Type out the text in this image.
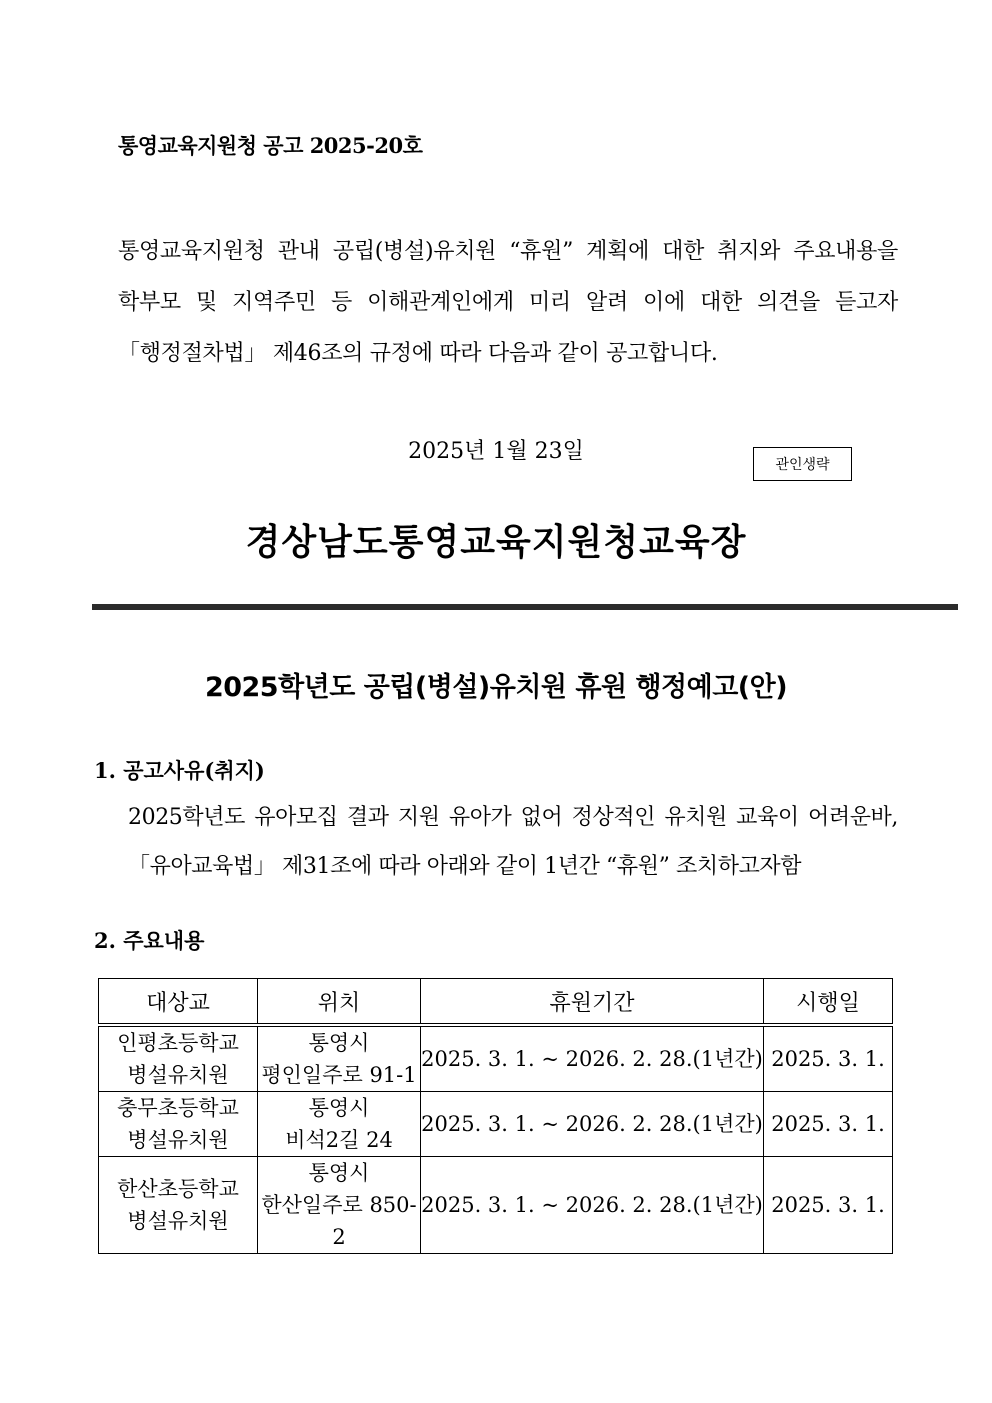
통영교육지원청 공고 2025-20호
통영교육지원청 관내 공립(병설)유치원 “휴원” 계획에 대한 취지와 주요내용을
학부모 및 지역주민 등 이해관계인에게 미리 알려 이에 대한 의견을 듣고자
「행정절차법」 제46조의 규정에 따라 다음과 같이 공고합니다.
2025년 1월 23일
관인생략
경상남도통영교육지원청교육장
2025학년도 공립(병설)유치원 휴원 행정예고(안)
1. 공고사유(취지)
2025학년도 유아모집 결과 지원 유아가 없어 정상적인 유치원 교육이 어려운바,
「유아교육법」 제31조에 따라 아래와 같이 1년간 “휴원” 조치하고자함
2. 주요내용
대상교	위치	휴원기간	시행일

인평초등학교
병설유치원	통영시
평인일주로 91-1	2025. 3. 1. ~ 2026. 2. 28.(1년간)	2025. 3. 1.

충무초등학교
병설유치원	통영시
비석2길 24	2025. 3. 1. ~ 2026. 2. 28.(1년간)	2025. 3. 1.

한산초등학교
병설유치원	통영시
한산일주로 850-2	2025. 3. 1. ~ 2026. 2. 28.(1년간)	2025. 3. 1.
